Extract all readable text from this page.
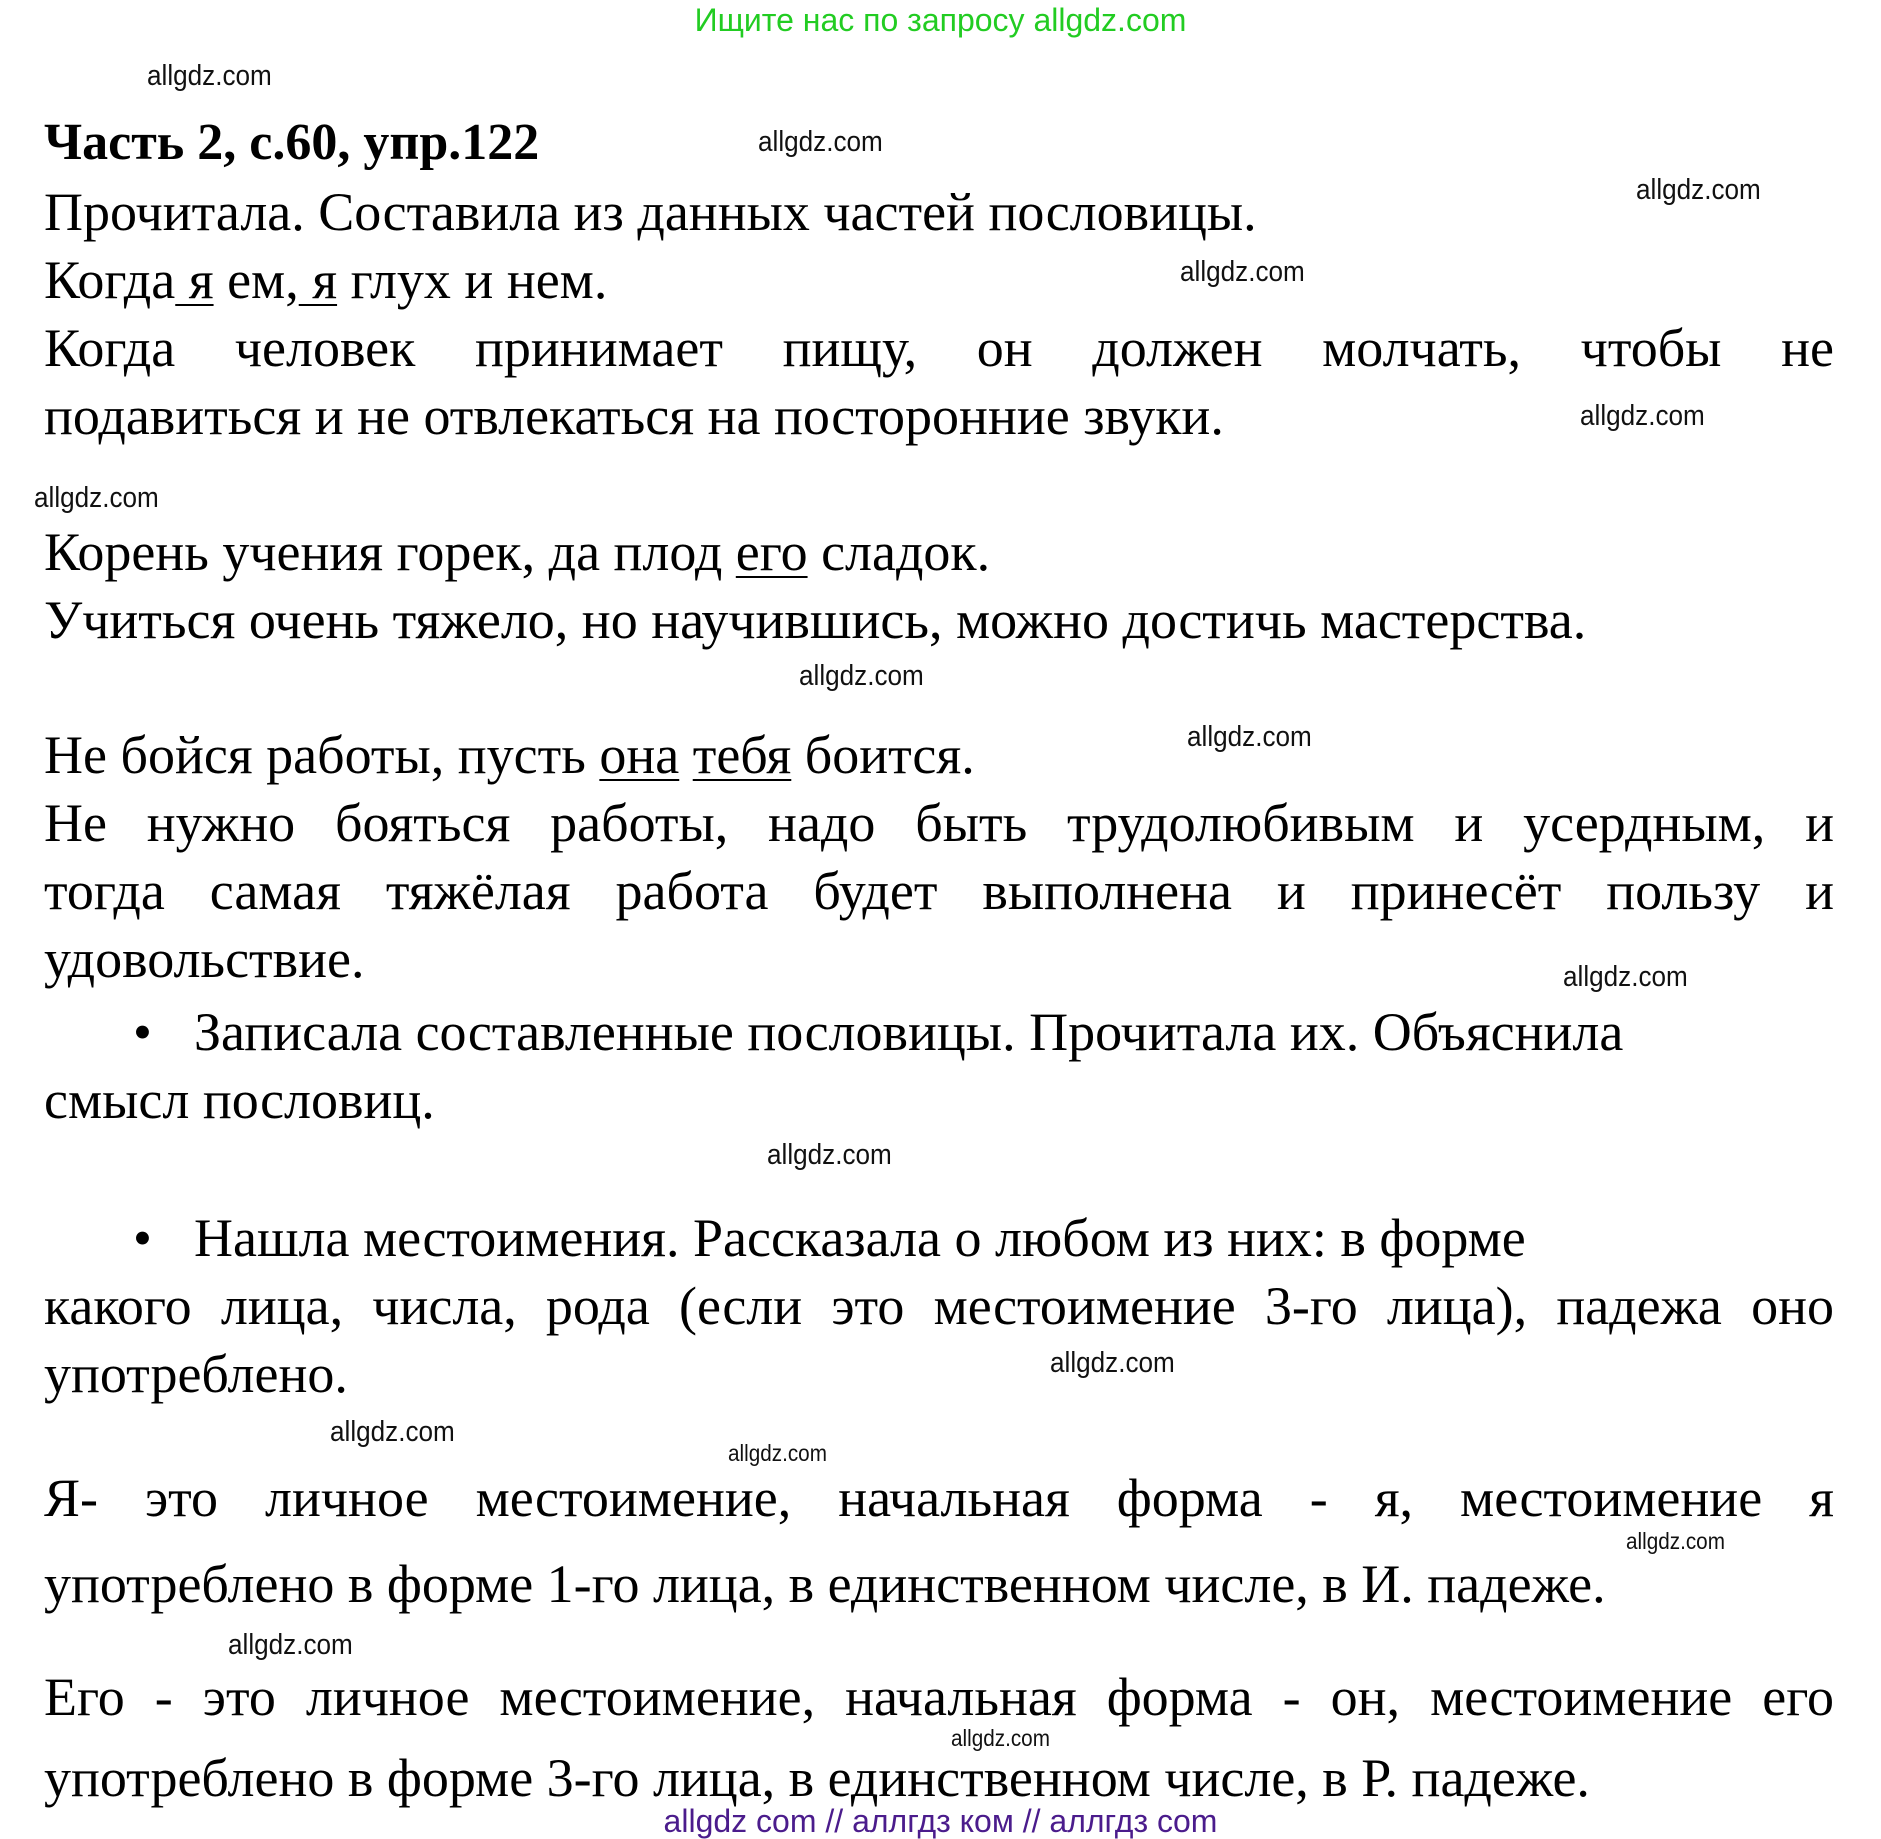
Ищите нас по запросу allgdz.com
Часть 2, с.60, упр.122
Прочитала. Составила из данных частей пословицы.
Когда я ем, я глух и нем.
Когда человек принимает пищу, он должен молчать, чтобы не
подавиться и не отвлекаться на посторонние звуки.
Корень учения горек, да плод его сладок.
Учиться очень тяжело, но научившись, можно достичь мастерства.
Не бойся работы, пусть она тебя боится.
Не нужно бояться работы, надо быть трудолюбивым и усердным, и
тогда самая тяжёлая работа будет выполнена и принесёт пользу и
удовольствие.
• Записала составленные пословицы. Прочитала их. Объяснила
смысл пословиц.
• Нашла местоимения. Рассказала о любом из них: в форме
какого лица, числа, рода (если это местоимение 3-го лица), падежа оно
употреблено.
Я- это личное местоимение, начальная форма - я, местоимение я
употреблено в форме 1-го лица, в единственном числе, в И. падеже.
Его - это личное местоимение, начальная форма - он, местоимение его
употреблено в форме 3-го лица, в единственном числе, в Р. падеже.
allgdz.com
allgdz.com
allgdz.com
allgdz.com
allgdz.com
allgdz.com
allgdz.com
allgdz.com
allgdz.com
allgdz.com
allgdz.com
allgdz.com
allgdz.com
allgdz.com
allgdz.com
allgdz.com
allgdz com // аллгдз ком // аллгдз com
